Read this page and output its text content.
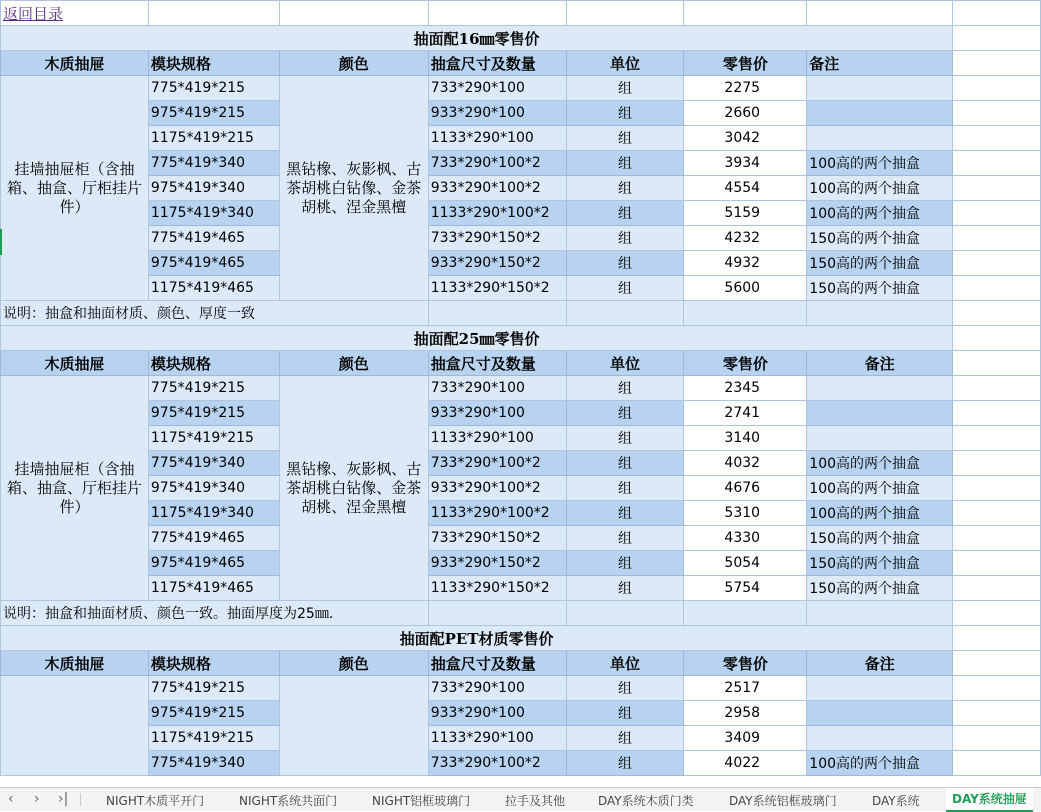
返回目录							
抽面配16㎜零售价							
木质抽屉	模块规格	颜色	抽盒尺寸及数量	单位	零售价	备注	
挂墙抽屉柜（含抽箱、抽盒、厅柜挂片件）	775*419*215	黑钻橡、灰影枫、古茶胡桃白钻像、金茶胡桃、涅金黑檀	733*290*100	组	2275		
	975*419*215		933*290*100	组	2660		
	1175*419*215		1133*290*100	组	3042		
	775*419*340		733*290*100*2	组	3934	100高的两个抽盒	
	975*419*340		933*290*100*2	组	4554	100高的两个抽盒	
	1175*419*340		1133*290*100*2	组	5159	100高的两个抽盒	
	775*419*465		733*290*150*2	组	4232	150高的两个抽盒	
	975*419*465		933*290*150*2	组	4932	150高的两个抽盒	
	1175*419*465		1133*290*150*2	组	5600	150高的两个抽盒	
说明：抽盒和抽面材质、颜色、厚度一致							
抽面配25㎜零售价							
木质抽屉	模块规格	颜色	抽盒尺寸及数量	单位	零售价	备注	
挂墙抽屉柜（含抽箱、抽盒、厅柜挂片件）	775*419*215	黑钻橡、灰影枫、古茶胡桃白钻像、金茶胡桃、涅金黑檀	733*290*100	组	2345		
	975*419*215		933*290*100	组	2741		
	1175*419*215		1133*290*100	组	3140		
	775*419*340		733*290*100*2	组	4032	100高的两个抽盒	
	975*419*340		933*290*100*2	组	4676	100高的两个抽盒	
	1175*419*340		1133*290*100*2	组	5310	100高的两个抽盒	
	775*419*465		733*290*150*2	组	4330	150高的两个抽盒	
	975*419*465		933*290*150*2	组	5054	150高的两个抽盒	
	1175*419*465		1133*290*150*2	组	5754	150高的两个抽盒	
说明：抽盒和抽面材质、颜色一致。抽面厚度为25㎜.							
抽面配PET材质零售价							
木质抽屉	模块规格	颜色	抽盒尺寸及数量	单位	零售价	备注	
	775*419*215		733*290*100	组	2517		
	975*419*215		933*290*100	组	2958		
	1175*419*215		1133*290*100	组	3409		
	775*419*340		733*290*100*2	组	4022	100高的两个抽盒	
‹ › ›|	NIGHT木质平开门	NIGHT系统共面门	NIGHT铝框玻璃门	拉手及其他	DAY系统木质门类	DAY系统铝框玻璃门	DAY系统	DAY系统抽屉
